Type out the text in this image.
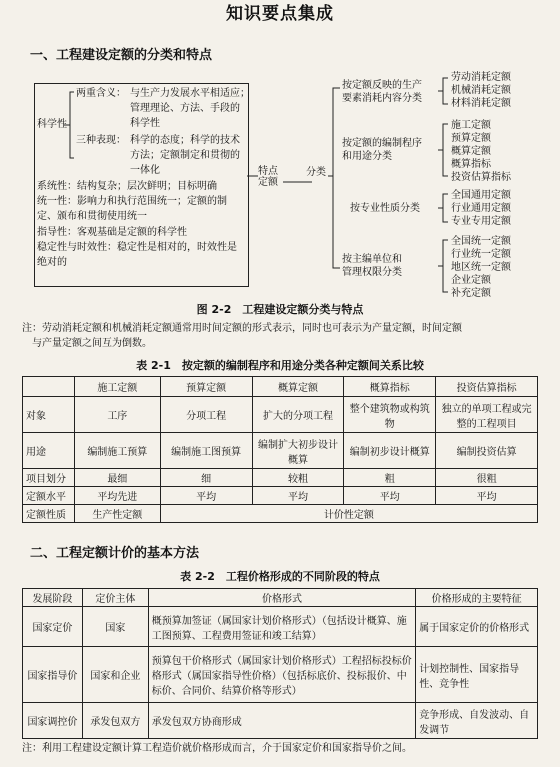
知识要点集成
一、工程建设定额的分类和特点
科学性
两重含义： 与生产力发展水平相适应；
管理理论、方法、手段的
科学性
三种表现： 科学的态度；科学的技术
方法；定额制定和贯彻的
一体化
系统性：结构复杂；层次鲜明；目标明确
统一性：影响力和执行范围统一；定额的制
定、颁布和贯彻使用统一
指导性：客观基础是定额的科学性
稳定性与时效性：稳定性是相对的，时效性是
绝对的
特点
定额
分类
按定额反映的生产
要素消耗内容分类
劳动消耗定额
机械消耗定额
材料消耗定额
按定额的编制程序
和用途分类
施工定额
预算定额
概算定额
概算指标
投资估算指标
按专业性质分类
全国通用定额
行业通用定额
专业专用定额
按主编单位和
管理权限分类
全国统一定额
行业统一定额
地区统一定额
企业定额
补充定额
图 2-2　工程建设定额分类与特点
注：劳动消耗定额和机械消耗定额通常用时间定额的形式表示，同时也可表示为产量定额，时间定额
与产量定额之间互为倒数。
表 2-1　按定额的编制程序和用途分类各种定额间关系比较
	施工定额	预算定额	概算定额	概算指标	投资估算指标
对象	工序	分项工程	扩大的分项工程	整个建筑物或构筑物	独立的单项工程或完整的工程项目
用途	编制施工预算	编制施工图预算	编制扩大初步设计概算	编制初步设计概算	编制投资估算
项目划分	最细	细	较粗	粗	很粗
定额水平	平均先进	平均	平均	平均	平均
定额性质	生产性定额	计价性定额			
二、工程定额计价的基本方法
表 2-2　工程价格形成的不同阶段的特点
发展阶段	定价主体	价格形式	价格形成的主要特征
国家定价	国家	概预算加签证（属国家计划价格形式）（包括设计概算、施工图预算、工程费用签证和竣工结算）	属于国家定价的价格形式
国家指导价	国家和企业	预算包干价格形式（属国家计划价格形式）工程招标投标价格形式（属国家指导性价格）（包括标底价、投标报价、中标价、合同价、结算价格等形式）	计划控制性、国家指导性、竞争性
国家调控价	承发包双方	承发包双方协商形成	竞争形成、自发波动、自发调节
注：利用工程建设定额计算工程造价就价格形成而言，介于国家定价和国家指导价之间。
